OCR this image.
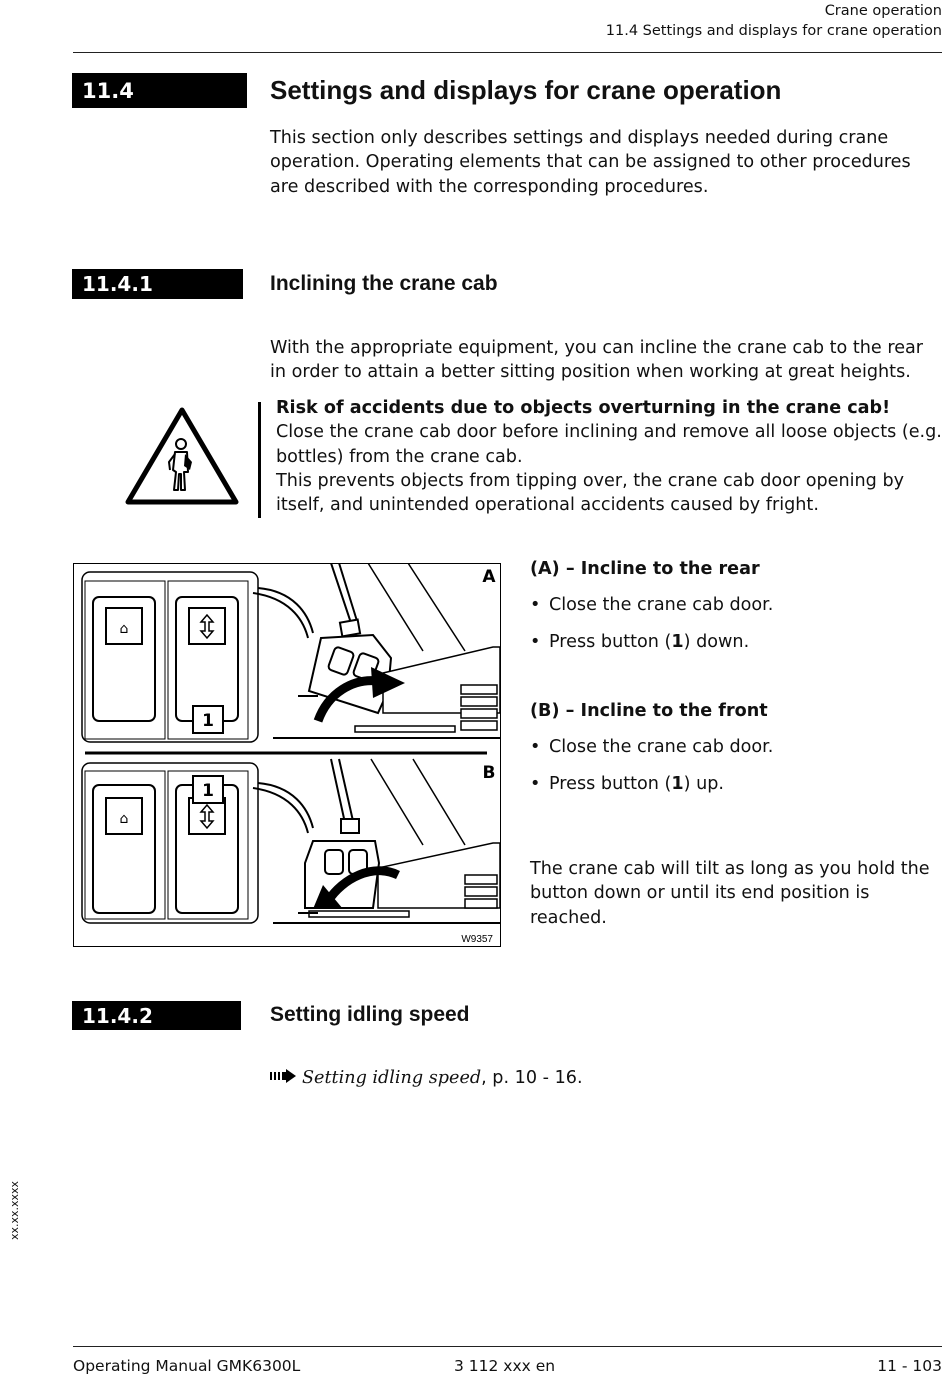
Crane operation
11.4 Settings and displays for crane operation
11.4	Settings and displays for crane operation
This section only describes settings and displays needed during crane operation. Operating elements that can be assigned to other procedures are described with the corresponding procedures.
11.4.1	Inclining the crane cab
With the appropriate equipment, you can incline the crane cab to the rear in order to attain a better sitting position when working at great heights.

Risk of accidents due to objects overturning in the crane cab!

Close the crane cab door before inclining and remove all loose objects (e.g. bottles) from the crane cab.

This prevents objects from tipping over, the crane cab door opening by itself, and unintended operational accidents caused by fright.

⌂
1
A
⌂
1
B
W9357
(A) – Incline to the rear
• Close the crane cab door.
• Press button (1) down.
(B) – Incline to the front
• Close the crane cab door.
• Press button (1) up.
The crane cab will tilt as long as you hold the button down or until its end position is reached.
11.4.2	Setting idling speed
Setting idling speed, p. 10 - 16.
xx.xx.xxxx
Operating Manual GMK6300L	3 112 xxx en	11 - 103
